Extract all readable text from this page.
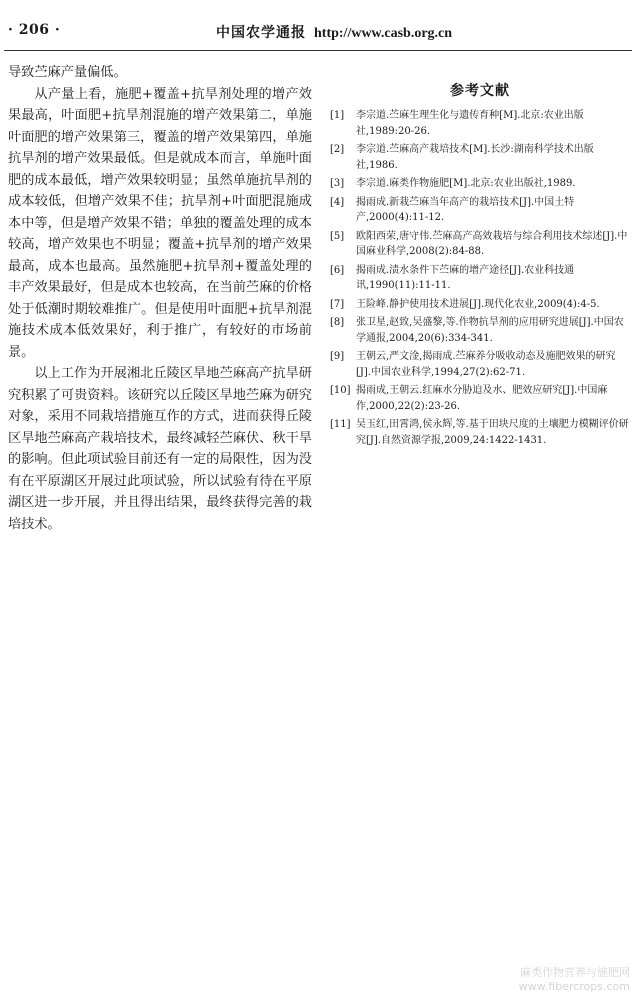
· 206 ·	中国农学通报 http://www.casb.org.cn

导致苎麻产量偏低。

从产量上看，施肥+覆盖+抗旱剂处理的增产效果最高，叶面肥+抗旱剂混施的增产效果第二，单施叶面肥的增产效果第三，覆盖的增产效果第四，单施抗旱剂的增产效果最低。但是就成本而言，单施叶面肥的成本最低，增产效果较明显；虽然单施抗旱剂的成本较低，但增产效果不佳；抗旱剂+叶面肥混施成本中等，但是增产效果不错；单独的覆盖处理的成本较高，增产效果也不明显；覆盖+抗旱剂的增产效果最高，成本也最高。虽然施肥+抗旱剂+覆盖处理的丰产效果最好，但是成本也较高，在当前苎麻的价格处于低潮时期较难推广。但是使用叶面肥+抗旱剂混施技术成本低效果好，利于推广，有较好的市场前景。

以上工作为开展湘北丘陵区旱地苎麻高产抗旱研究积累了可贵资料。该研究以丘陵区旱地苎麻为研究对象，采用不同栽培措施互作的方式，进而获得丘陵区旱地苎麻高产栽培技术，最终减轻苎麻伏、秋干旱的影响。但此项试验目前还有一定的局限性，因为没有在平原湖区开展过此项试验，所以试验有待在平原湖区进一步开展，并且得出结果，最终获得完善的栽培技术。

参考文献
[1]	李宗道.苎麻生理生化与遗传育种[M].北京:农业出版社,1989:20-26.
[2]	李宗道.苎麻高产栽培技术[M].长沙:湖南科学技术出版社,1986.
[3]	李宗道.麻类作物施肥[M].北京:农业出版社,1989.
[4]	揭雨成.新栽苎麻当年高产的栽培技术[J].中国土特产,2000(4):11-12.
[5]	欧阳西荣,唐守伟.苎麻高产高效栽培与综合利用技术综述[J].中国麻业科学,2008(2):84-88.
[6]	揭雨成.渍水条件下苎麻的增产途径[J].农业科技通讯,1990(11):11-11.
[7]	王险峰.静护使用技术进展[J].现代化农业,2009(4):4-5.
[8]	张卫星,赵致,吴盛黎,等.作物抗旱剂的应用研究进展[J].中国农学通报,2004,20(6):334-341.
[9]	王朝云,严文淦,揭雨成.苎麻养分吸收动态及施肥效果的研究[J].中国农业科学,1994,27(2):62-71.
[10] 揭雨成,王朝云.红麻水分胁迫及水、肥效应研究[J].中国麻作,2000,22(2):23-26.
[11] 吴玉红,田霄鸿,侯永辉,等.基于田块尺度的土壤肥力模糊评价研究[J].自然资源学报,2009,24:1422-1431.
麻类作物营养与施肥网
www.fibercrops.com
